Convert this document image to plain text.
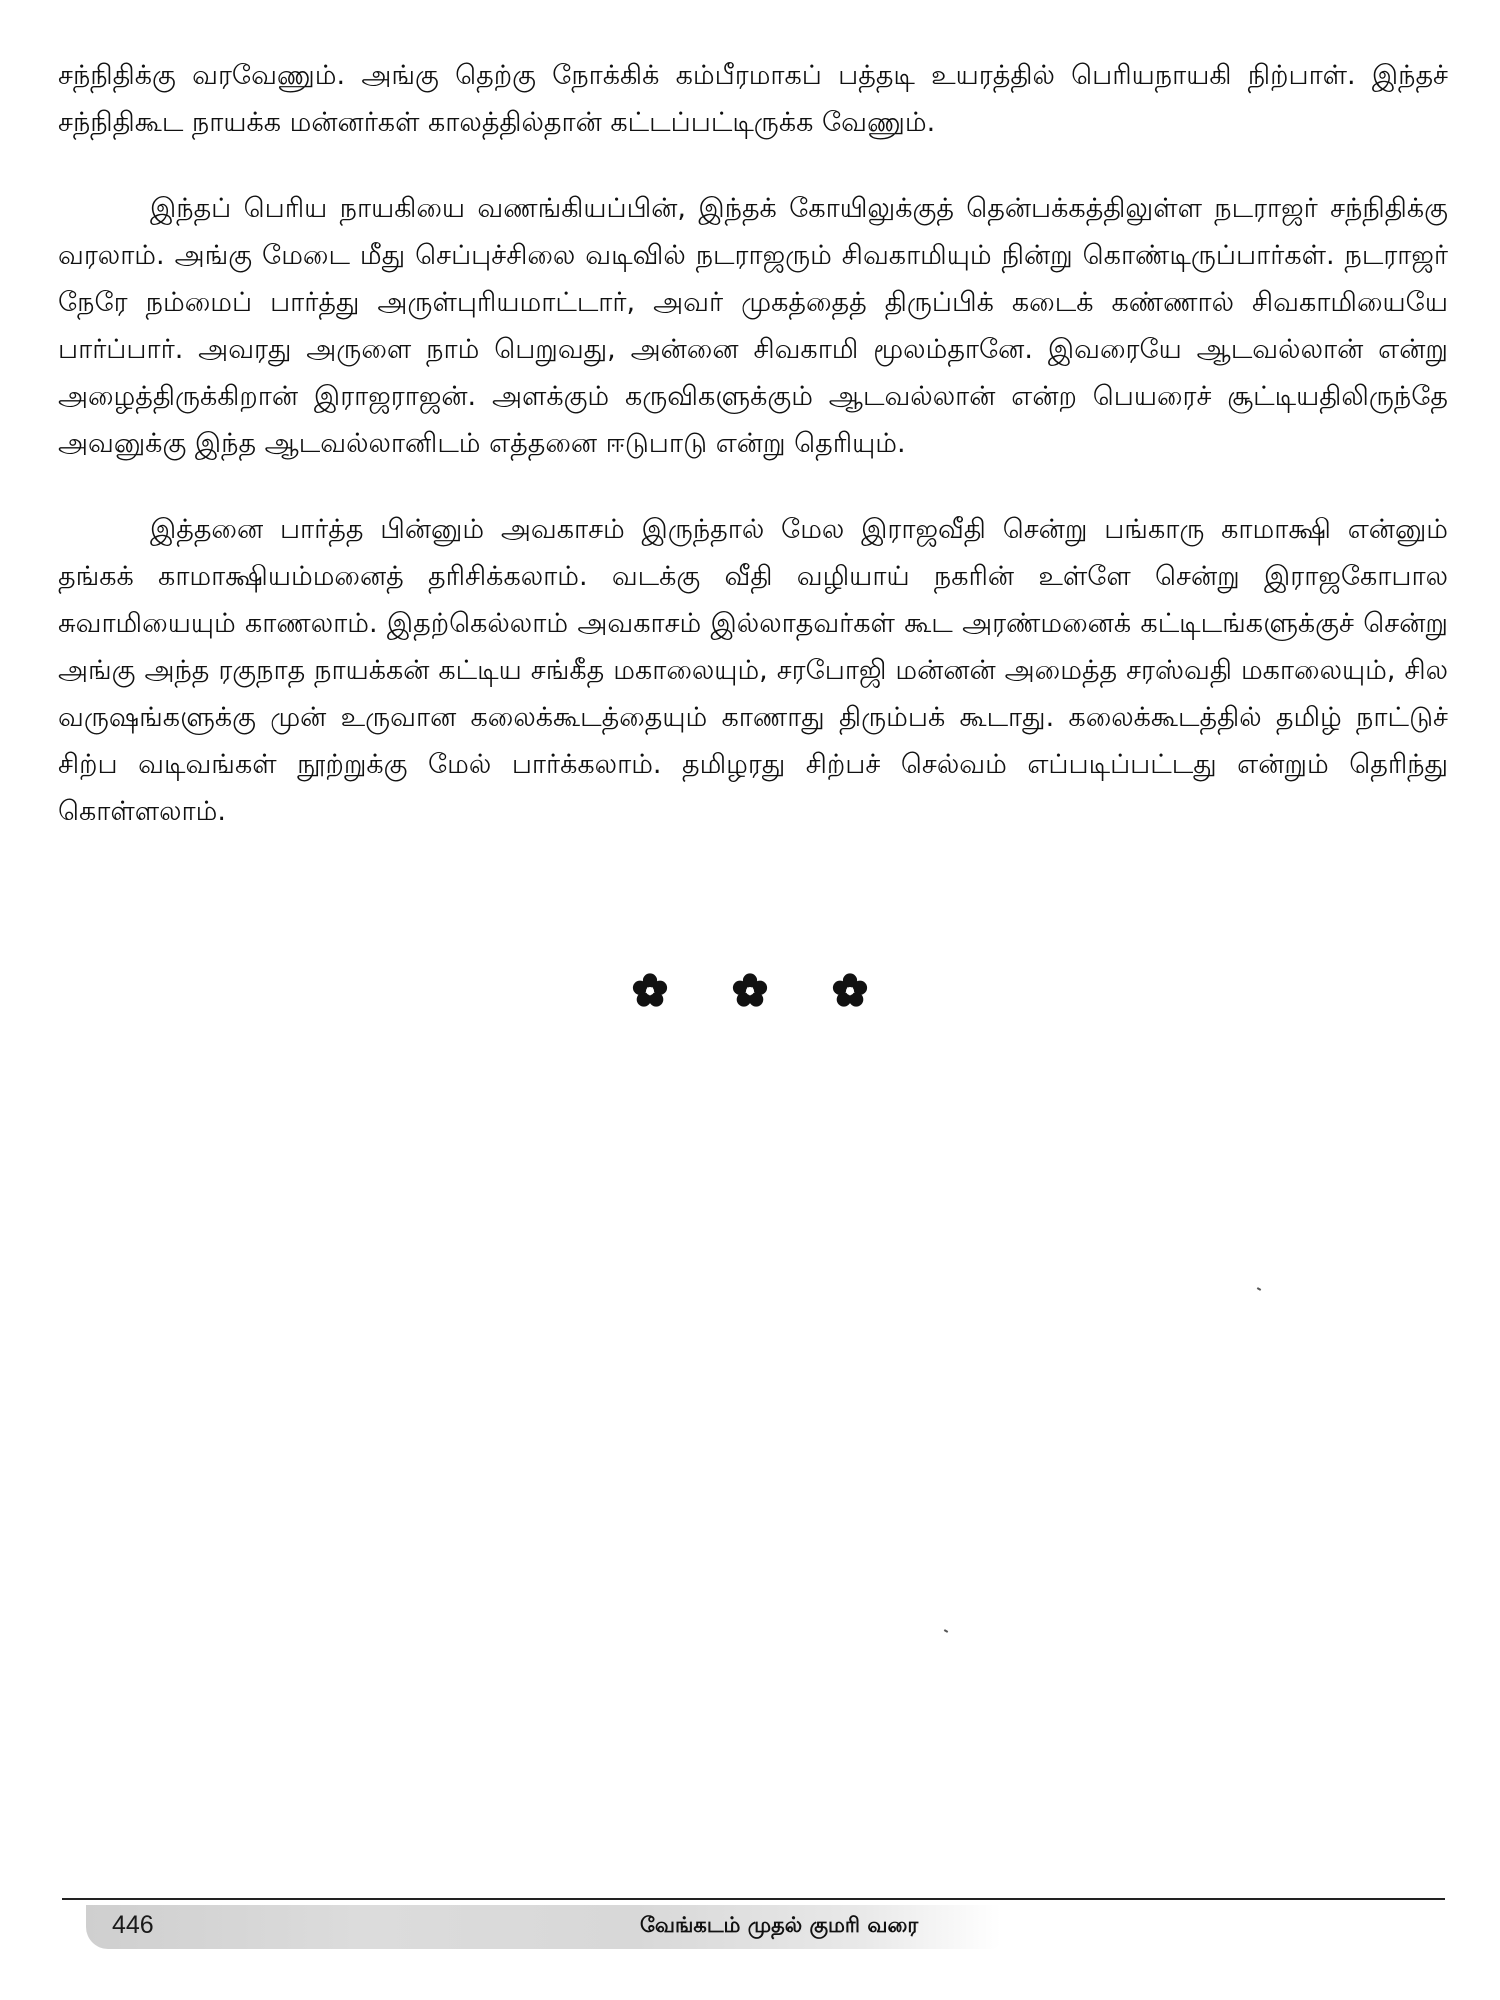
சந்நிதிக்கு வரவேணும். அங்கு தெற்கு நோக்கிக் கம்பீரமாகப் பத்தடி உயரத்தில் பெரியநாயகி நிற்பாள். இந்தச் சந்நிதிகூட நாயக்க மன்னர்கள் காலத்தில்தான் கட்டப்பட்டிருக்க வேணும்.

இந்தப் பெரிய நாயகியை வணங்கியப்பின், இந்தக் கோயிலுக்குத் தென்பக்கத்திலுள்ள நடராஜர் சந்நிதிக்கு வரலாம். அங்கு மேடை மீது செப்புச்சிலை வடிவில் நடராஜரும் சிவகாமியும் நின்று கொண்டிருப்பார்கள். நடராஜர் நேரே நம்மைப் பார்த்து அருள்புரியமாட்டார், அவர் முகத்தைத் திருப்பிக் கடைக் கண்ணால் சிவகாமியையே பார்ப்பார். அவரது அருளை நாம் பெறுவது, அன்னை சிவகாமி மூலம்தானே. இவரையே ஆடவல்லான் என்று அழைத்திருக்கிறான் இராஜராஜன். அளக்கும் கருவிகளுக்கும் ஆடவல்லான் என்ற பெயரைச் சூட்டியதிலிருந்தே அவனுக்கு இந்த ஆடவல்லானிடம் எத்தனை ஈடுபாடு என்று தெரியும்.

இத்தனை பார்த்த பின்னும் அவகாசம் இருந்தால் மேல இராஜவீதி சென்று பங்காரு காமாக்ஷி என்னும் தங்கக் காமாக்ஷியம்மனைத் தரிசிக்கலாம். வடக்கு வீதி வழியாய் நகரின் உள்ளே சென்று இராஜகோபால சுவாமியையும் காணலாம். இதற்கெல்லாம் அவகாசம் இல்லாதவர்கள் கூட அரண்மனைக் கட்டிடங்களுக்குச் சென்று அங்கு அந்த ரகுநாத நாயக்கன் கட்டிய சங்கீத மகாலையும், சரபோஜி மன்னன் அமைத்த சரஸ்வதி மகாலையும், சில வருஷங்களுக்கு முன் உருவான கலைக்கூடத்தையும் காணாது திரும்பக் கூடாது. கலைக்கூடத்தில் தமிழ் நாட்டுச் சிற்ப வடிவங்கள் நூற்றுக்கு மேல் பார்க்கலாம். தமிழரது சிற்பச் செல்வம் எப்படிப்பட்டது என்றும் தெரிந்து கொள்ளலாம்.

446	வேங்கடம் முதல் குமரி வரை
